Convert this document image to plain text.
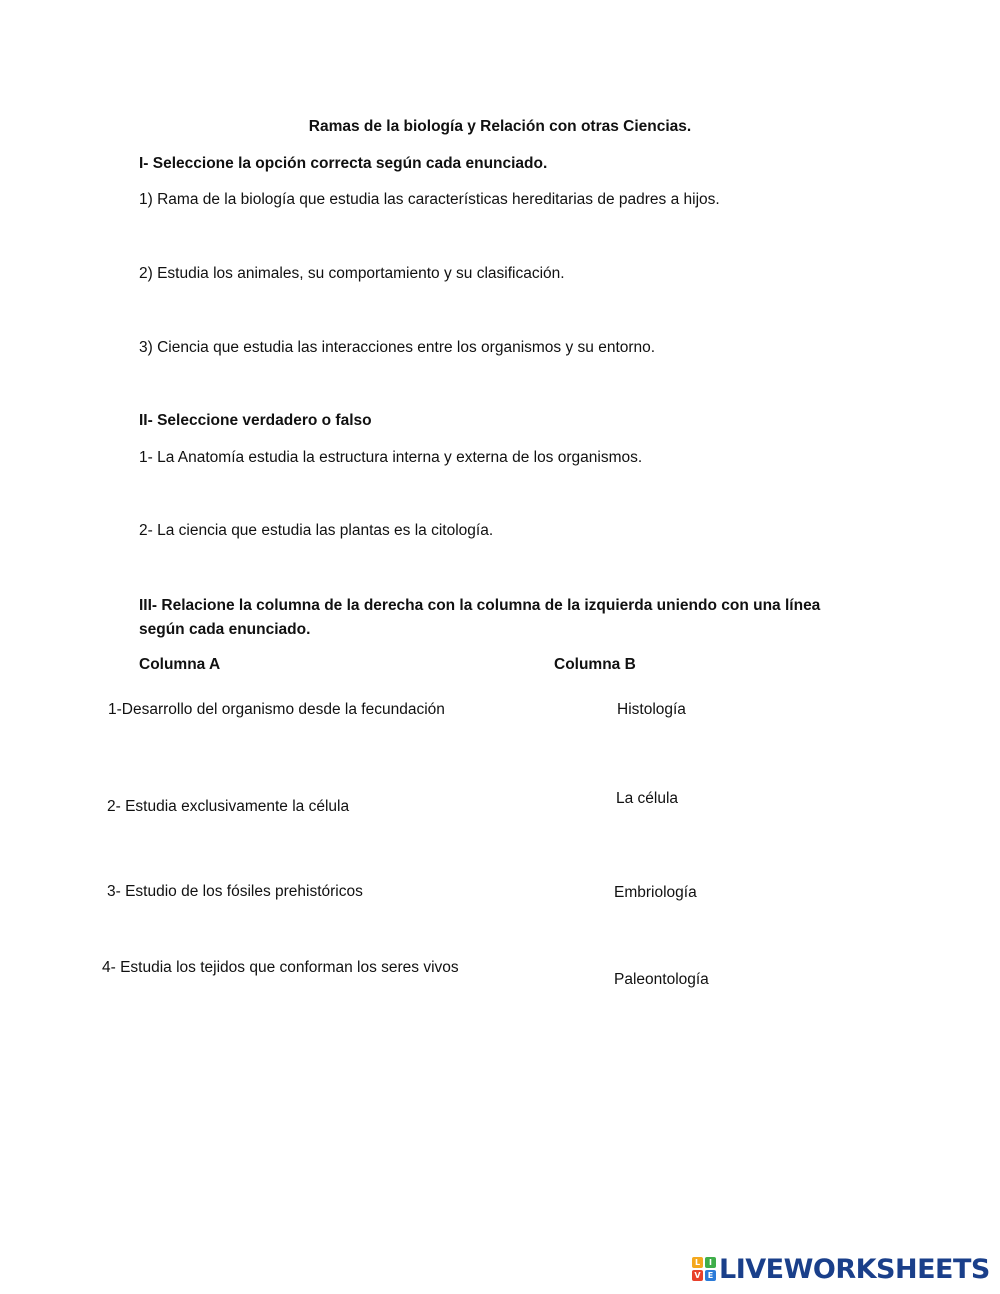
Ramas de la biología y Relación con otras Ciencias.
I- Seleccione la opción correcta según cada enunciado.
1) Rama de la biología que estudia las características hereditarias de padres a hijos.
2) Estudia los animales, su comportamiento y su clasificación.
3) Ciencia que estudia las interacciones entre los organismos y su entorno.
II- Seleccione verdadero o falso
1- La Anatomía estudia la estructura interna y externa de los organismos.
2- La ciencia que estudia las plantas es la citología.
III- Relacione la columna de la derecha con la columna de la izquierda uniendo con una línea según cada enunciado.
Columna A	Columna B
1-Desarrollo del organismo desde la fecundación
2- Estudia exclusivamente la célula
3- Estudio de los fósiles prehistóricos
4- Estudia los tejidos que conforman los seres vivos
Histología
La célula
Embriología
Paleontología
L	I
V E LIVEWORKSHEETS
